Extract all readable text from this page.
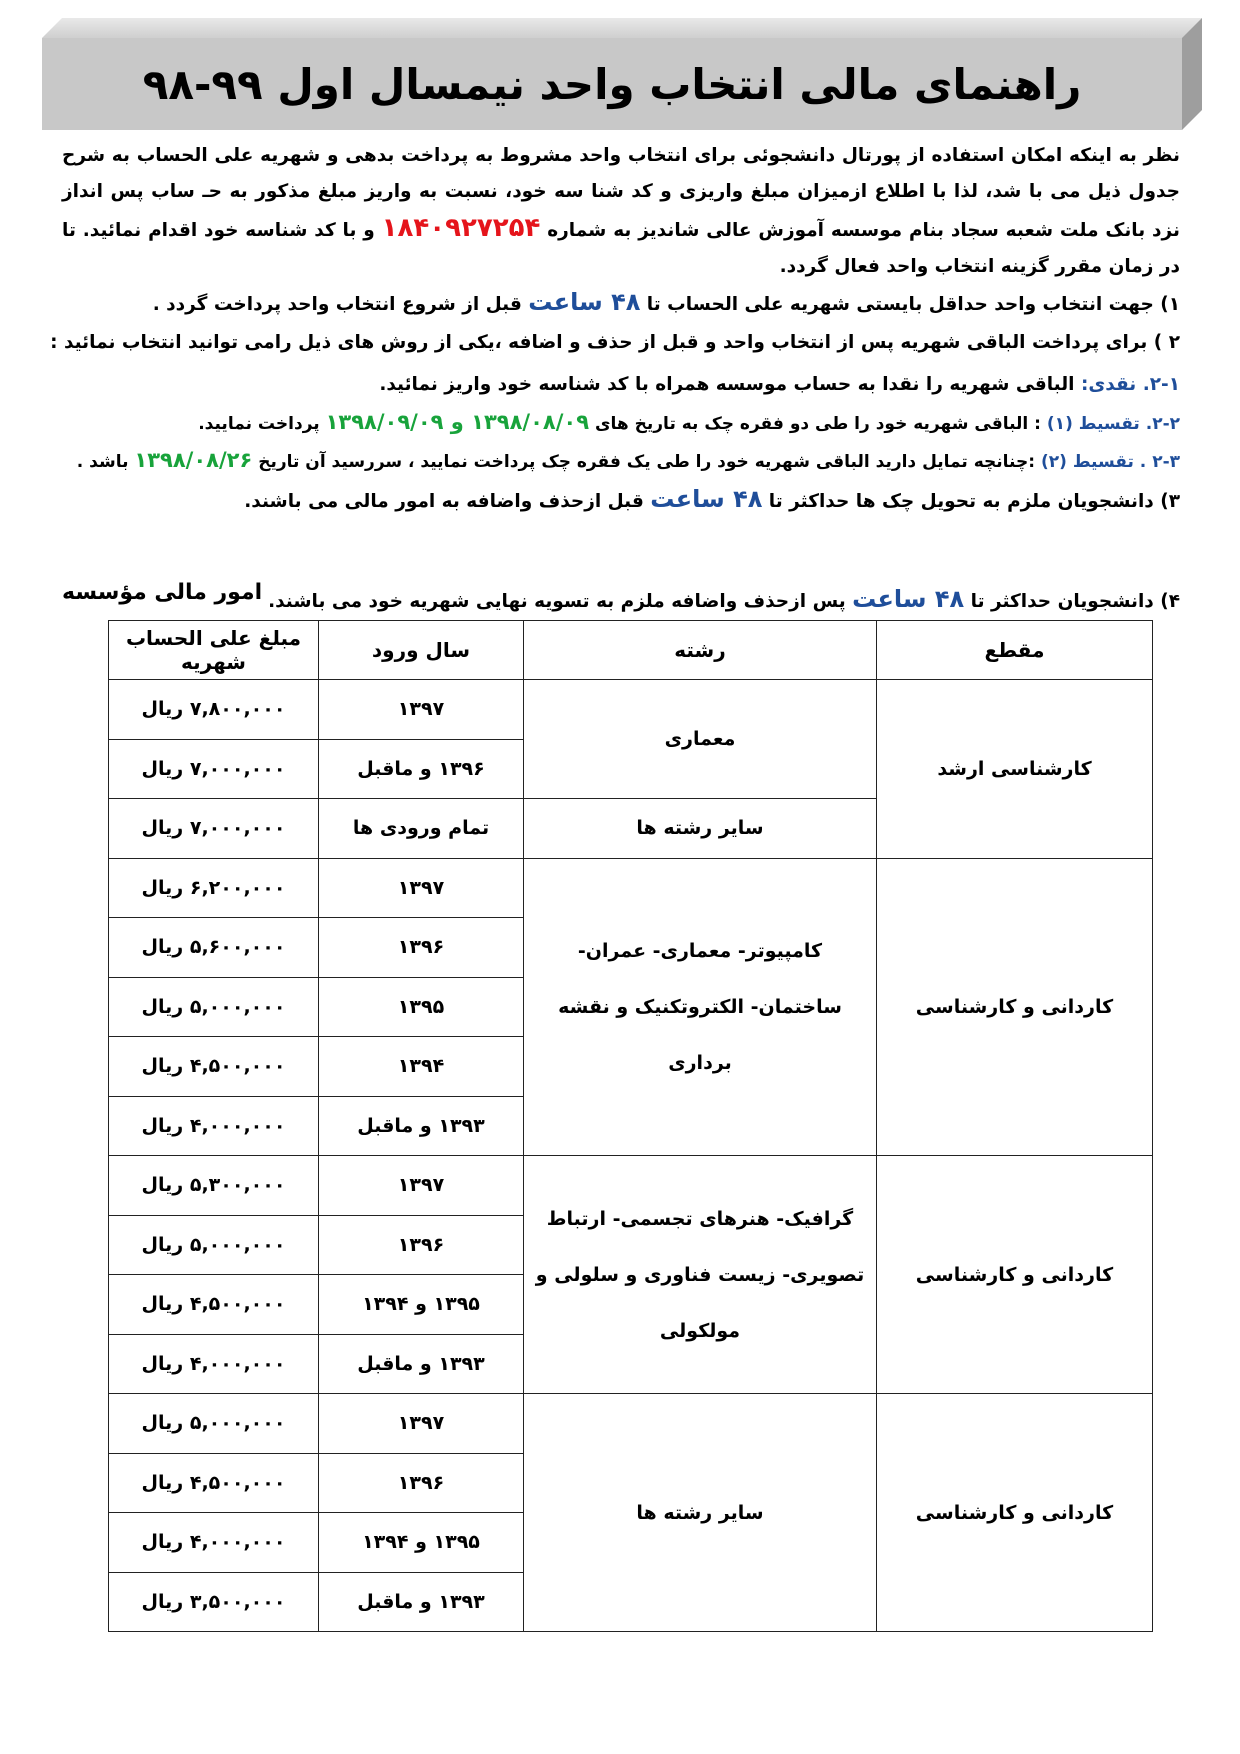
راهنمای مالی انتخاب واحد نیمسال اول ۹۹-۹۸
نظر به اینکه امکان استفاده از پورتال دانشجوئی برای انتخاب واحد مشروط به پرداخت بدهی و شهریه علی الحساب به شرح جدول ذیل می با شد، لذا با اطلاع ازمیزان مبلغ واریزی و کد شنا سه خود، نسبت به واریز مبلغ مذکور به حـ ساب پس انداز نزد بانک ملت شعبه سجاد بنام موسسه آموزش عالی شاندیز به شماره ۱۸۴۰۹۲۷۲۵۴ و با کد شناسه خود اقدام نمائید. تا در زمان مقرر گزینه انتخاب واحد فعال گردد.
۱) جهت انتخاب واحد حداقل بایستی شهریه علی الحساب تا ۴۸ ساعت قبل از شروع انتخاب واحد پرداخت گردد .
۲ ) برای پرداخت الباقی شهریه پس از انتخاب واحد و قبل از حذف و اضافه ،یکی از روش های ذیل رامی توانید انتخاب نمائید :
۲-۱. نقدی: الباقی شهریه را نقدا به حساب موسسه همراه با کد شناسه خود واریز نمائید.
۲-۲. تقسیط (۱) : الباقی شهریه خود را طی دو فقره چک به تاریخ های ۱۳۹۸/۰۸/۰۹ و ۱۳۹۸/۰۹/۰۹ پرداخت نمایید.
۲-۳ . تقسیط (۲) :چنانچه تمایل دارید الباقی شهریه خود را طی یک فقره چک پرداخت نمایید ، سررسید آن تاریخ ۱۳۹۸/۰۸/۲۶ باشد .
۳) دانشجویان ملزم به تحویل چک ها حداکثر تا ۴۸ ساعت قبل ازحذف واضافه به امور مالی می باشند.
۴) دانشجویان حداکثر تا ۴۸ ساعت پس ازحذف واضافه ملزم به تسویه نهایی شهریه خود می باشند.
امور مالی مؤسسه
مقطع	رشته	سال ورود	مبلغ علی الحساب شهریه
کارشناسی ارشد	معماری	۱۳۹۷	۷,۸۰۰,۰۰۰ ریال
		۱۳۹۶ و ماقبل	۷,۰۰۰,۰۰۰ ریال
	سایر رشته ها	تمام ورودی ها	۷,۰۰۰,۰۰۰ ریال
کاردانی و کارشناسی	کامپیوتر- معماری- عمران- ساختمان- الکتروتکنیک و نقشه برداری	۱۳۹۷	۶,۲۰۰,۰۰۰ ریال
		۱۳۹۶	۵,۶۰۰,۰۰۰ ریال
		۱۳۹۵	۵,۰۰۰,۰۰۰ ریال
		۱۳۹۴	۴,۵۰۰,۰۰۰ ریال
		۱۳۹۳ و ماقبل	۴,۰۰۰,۰۰۰ ریال
کاردانی و کارشناسی	گرافیک- هنرهای تجسمی- ارتباط تصویری- زیست فناوری و سلولی و مولکولی	۱۳۹۷	۵,۳۰۰,۰۰۰ ریال
		۱۳۹۶	۵,۰۰۰,۰۰۰ ریال
		۱۳۹۵ و ۱۳۹۴	۴,۵۰۰,۰۰۰ ریال
		۱۳۹۳ و ماقبل	۴,۰۰۰,۰۰۰ ریال
کاردانی و کارشناسی	سایر رشته ها	۱۳۹۷	۵,۰۰۰,۰۰۰ ریال
		۱۳۹۶	۴,۵۰۰,۰۰۰ ریال
		۱۳۹۵ و ۱۳۹۴	۴,۰۰۰,۰۰۰ ریال
		۱۳۹۳ و ماقبل	۳,۵۰۰,۰۰۰ ریال
